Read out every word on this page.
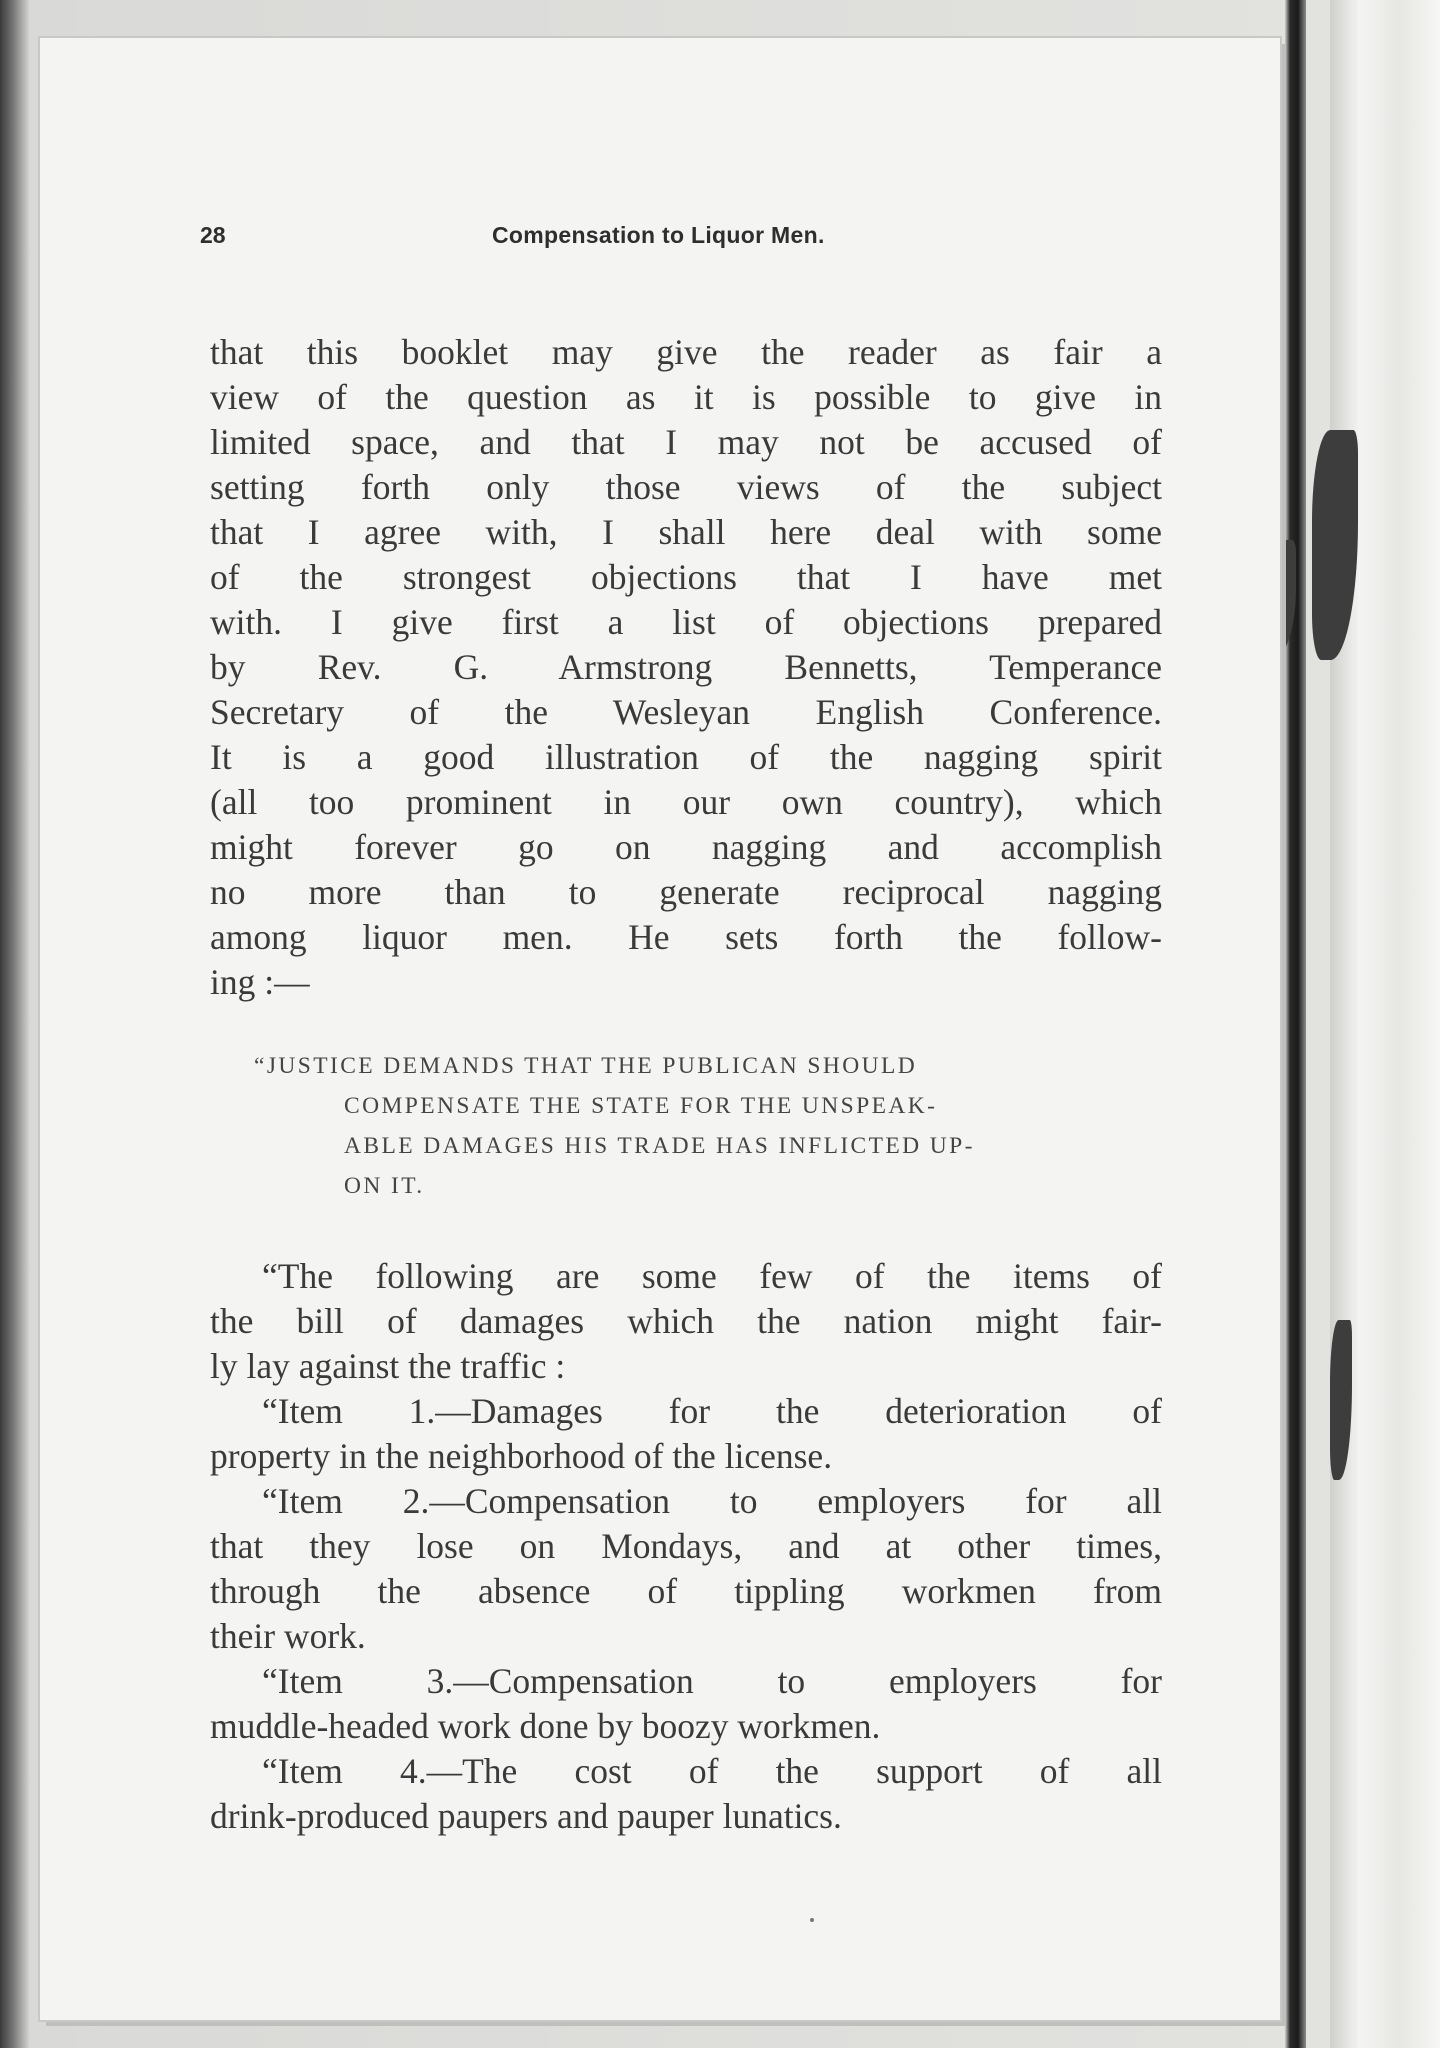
28	Compensation to Liquor Men.
that this booklet may give the reader as fair a
view of the question as it is possible to give in
limited space, and that I may not be accused of
setting forth only those views of the subject
that I agree with, I shall here deal with some
of the strongest objections that I have met
with. I give first a list of objections prepared
by Rev. G. Armstrong Bennetts, Temperance
Secretary of the Wesleyan English Conference.
It is a good illustration of the nagging spirit
(all too prominent in our own country), which
might forever go on nagging and accomplish
no more than to generate reciprocal nagging
among liquor men. He sets forth the follow-
ing :—
“JUSTICE DEMANDS THAT THE PUBLICAN SHOULD
COMPENSATE THE STATE FOR THE UNSPEAK-
ABLE DAMAGES HIS TRADE HAS INFLICTED UP-
ON IT.
“The following are some few of the items of
the bill of damages which the nation might fair-
ly lay against the traffic :
“Item 1.—Damages for the deterioration of
property in the neighborhood of the license.
“Item 2.—Compensation to employers for all
that they lose on Mondays, and at other times,
through the absence of tippling workmen from
their work.
“Item 3.—Compensation to employers for
muddle-headed work done by boozy workmen.
“Item 4.—The cost of the support of all
drink-produced paupers and pauper lunatics.
